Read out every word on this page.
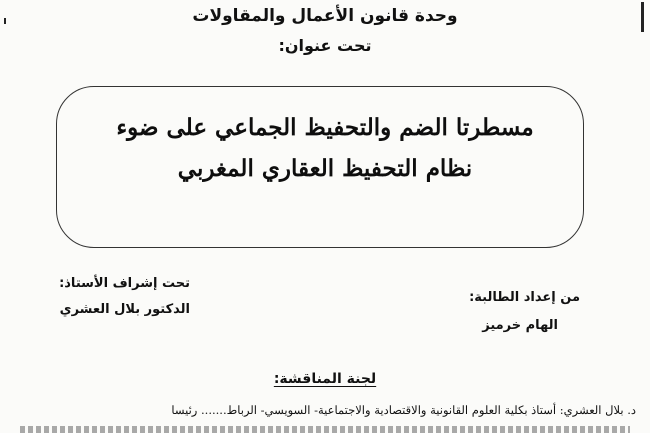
وحدة قانون الأعمال والمقاولات
تحت عنوان:
مسطرتا الضم والتحفيظ الجماعي على ضوء
نظام التحفيظ العقاري المغربي
تحت إشراف الأستاذ:
الدكتور بلال العشري
من إعداد الطالبة:
الهام خرميز
لجنة المناقشة:
د. بلال العشري: أستاذ بكلية العلوم القانونية والاقتصادية والاجتماعية- السويسي- الرباط....... رئيسا
